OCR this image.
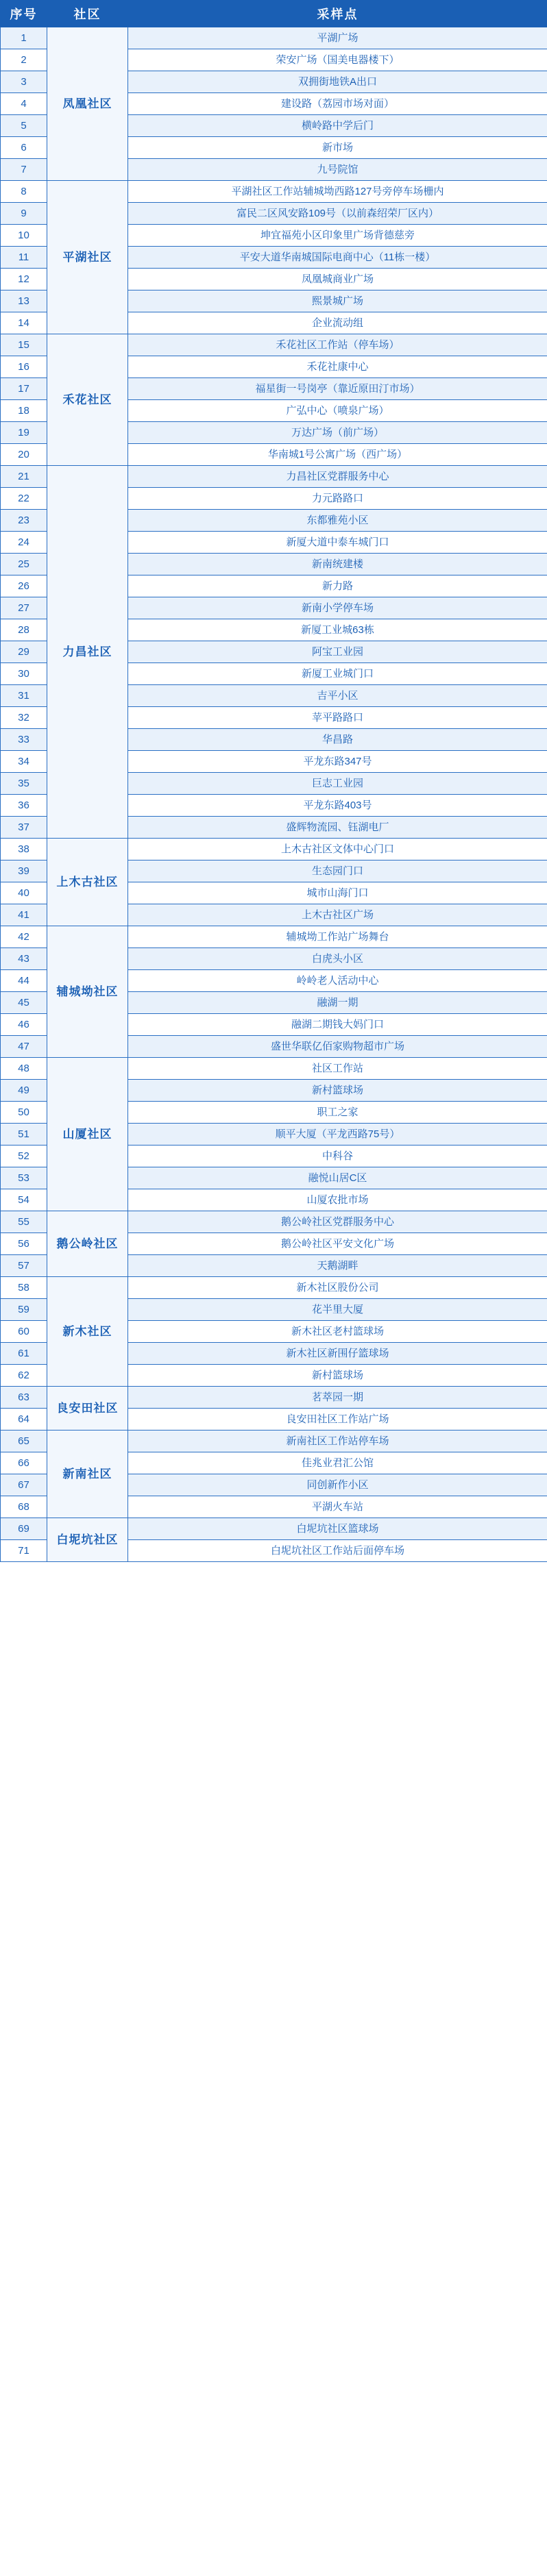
序号	社区	采样点
1	凤凰社区	平湖广场
2		荣安广场（国美电器楼下）
3		双拥街地铁A出口
4		建设路（荔园市场对面）
5		横岭路中学后门
6		新市场
7		九号院馆
8	平湖社区	平湖社区工作站辅城坳西路127号旁停车场栅内
9		富民二区风安路109号（以前森绍荣厂区内）
10		坤宜福苑小区印象里广场背德慈旁
11		平安大道华南城国际电商中心（11栋一楼）
12		凤凰城商业广场
13		熙景城广场
14		企业流动组
15	禾花社区	禾花社区工作站（停车场）
16		禾花社康中心
17		福星街一号岗亭（靠近原田汀市场）
18		广弘中心（喷泉广场）
19		万达广场（前广场）
20		华南城1号公寓广场（西广场）
21	力昌社区	力昌社区党群服务中心
22		力元路路口
23		东都雅苑小区
24		新厦大道中泰车城门口
25		新南统建楼
26		新力路
27		新南小学停车场
28		新厦工业城63栋
29		阿宝工业园
30		新厦工业城门口
31		吉平小区
32		苹平路路口
33		华昌路
34		平龙东路347号
35		巨志工业园
36		平龙东路403号
37		盛辉物流园、钰湖电厂
38	上木古社区	上木古社区文体中心门口
39		生态园门口
40		城市山海门口
41		上木古社区广场
42	辅城坳社区	辅城坳工作站广场舞台
43		白虎头小区
44		岭岭老人活动中心
45		融湖一期
46		融湖二期钱大妈门口
47		盛世华联亿佰家购物超市广场
48	山厦社区	社区工作站
49		新村篮球场
50		职工之家
51		顺平大厦（平龙西路75号）
52		中科谷
53		融悦山居C区
54		山厦农批市场
55	鹅公岭社区	鹅公岭社区党群服务中心
56		鹅公岭社区平安文化广场
57		天鹅湖畔
58	新木社区	新木社区股份公司
59		花半里大厦
60		新木社区老村篮球场
61		新木社区新围仔篮球场
62		新村篮球场
63	良安田社区	茗萃园一期
64		良安田社区工作站广场
65	新南社区	新南社区工作站停车场
66		佳兆业君汇公馆
67		同创新作小区
68		平湖火车站
69	白坭坑社区	白坭坑社区篮球场
71		白坭坑社区工作站后面停车场
